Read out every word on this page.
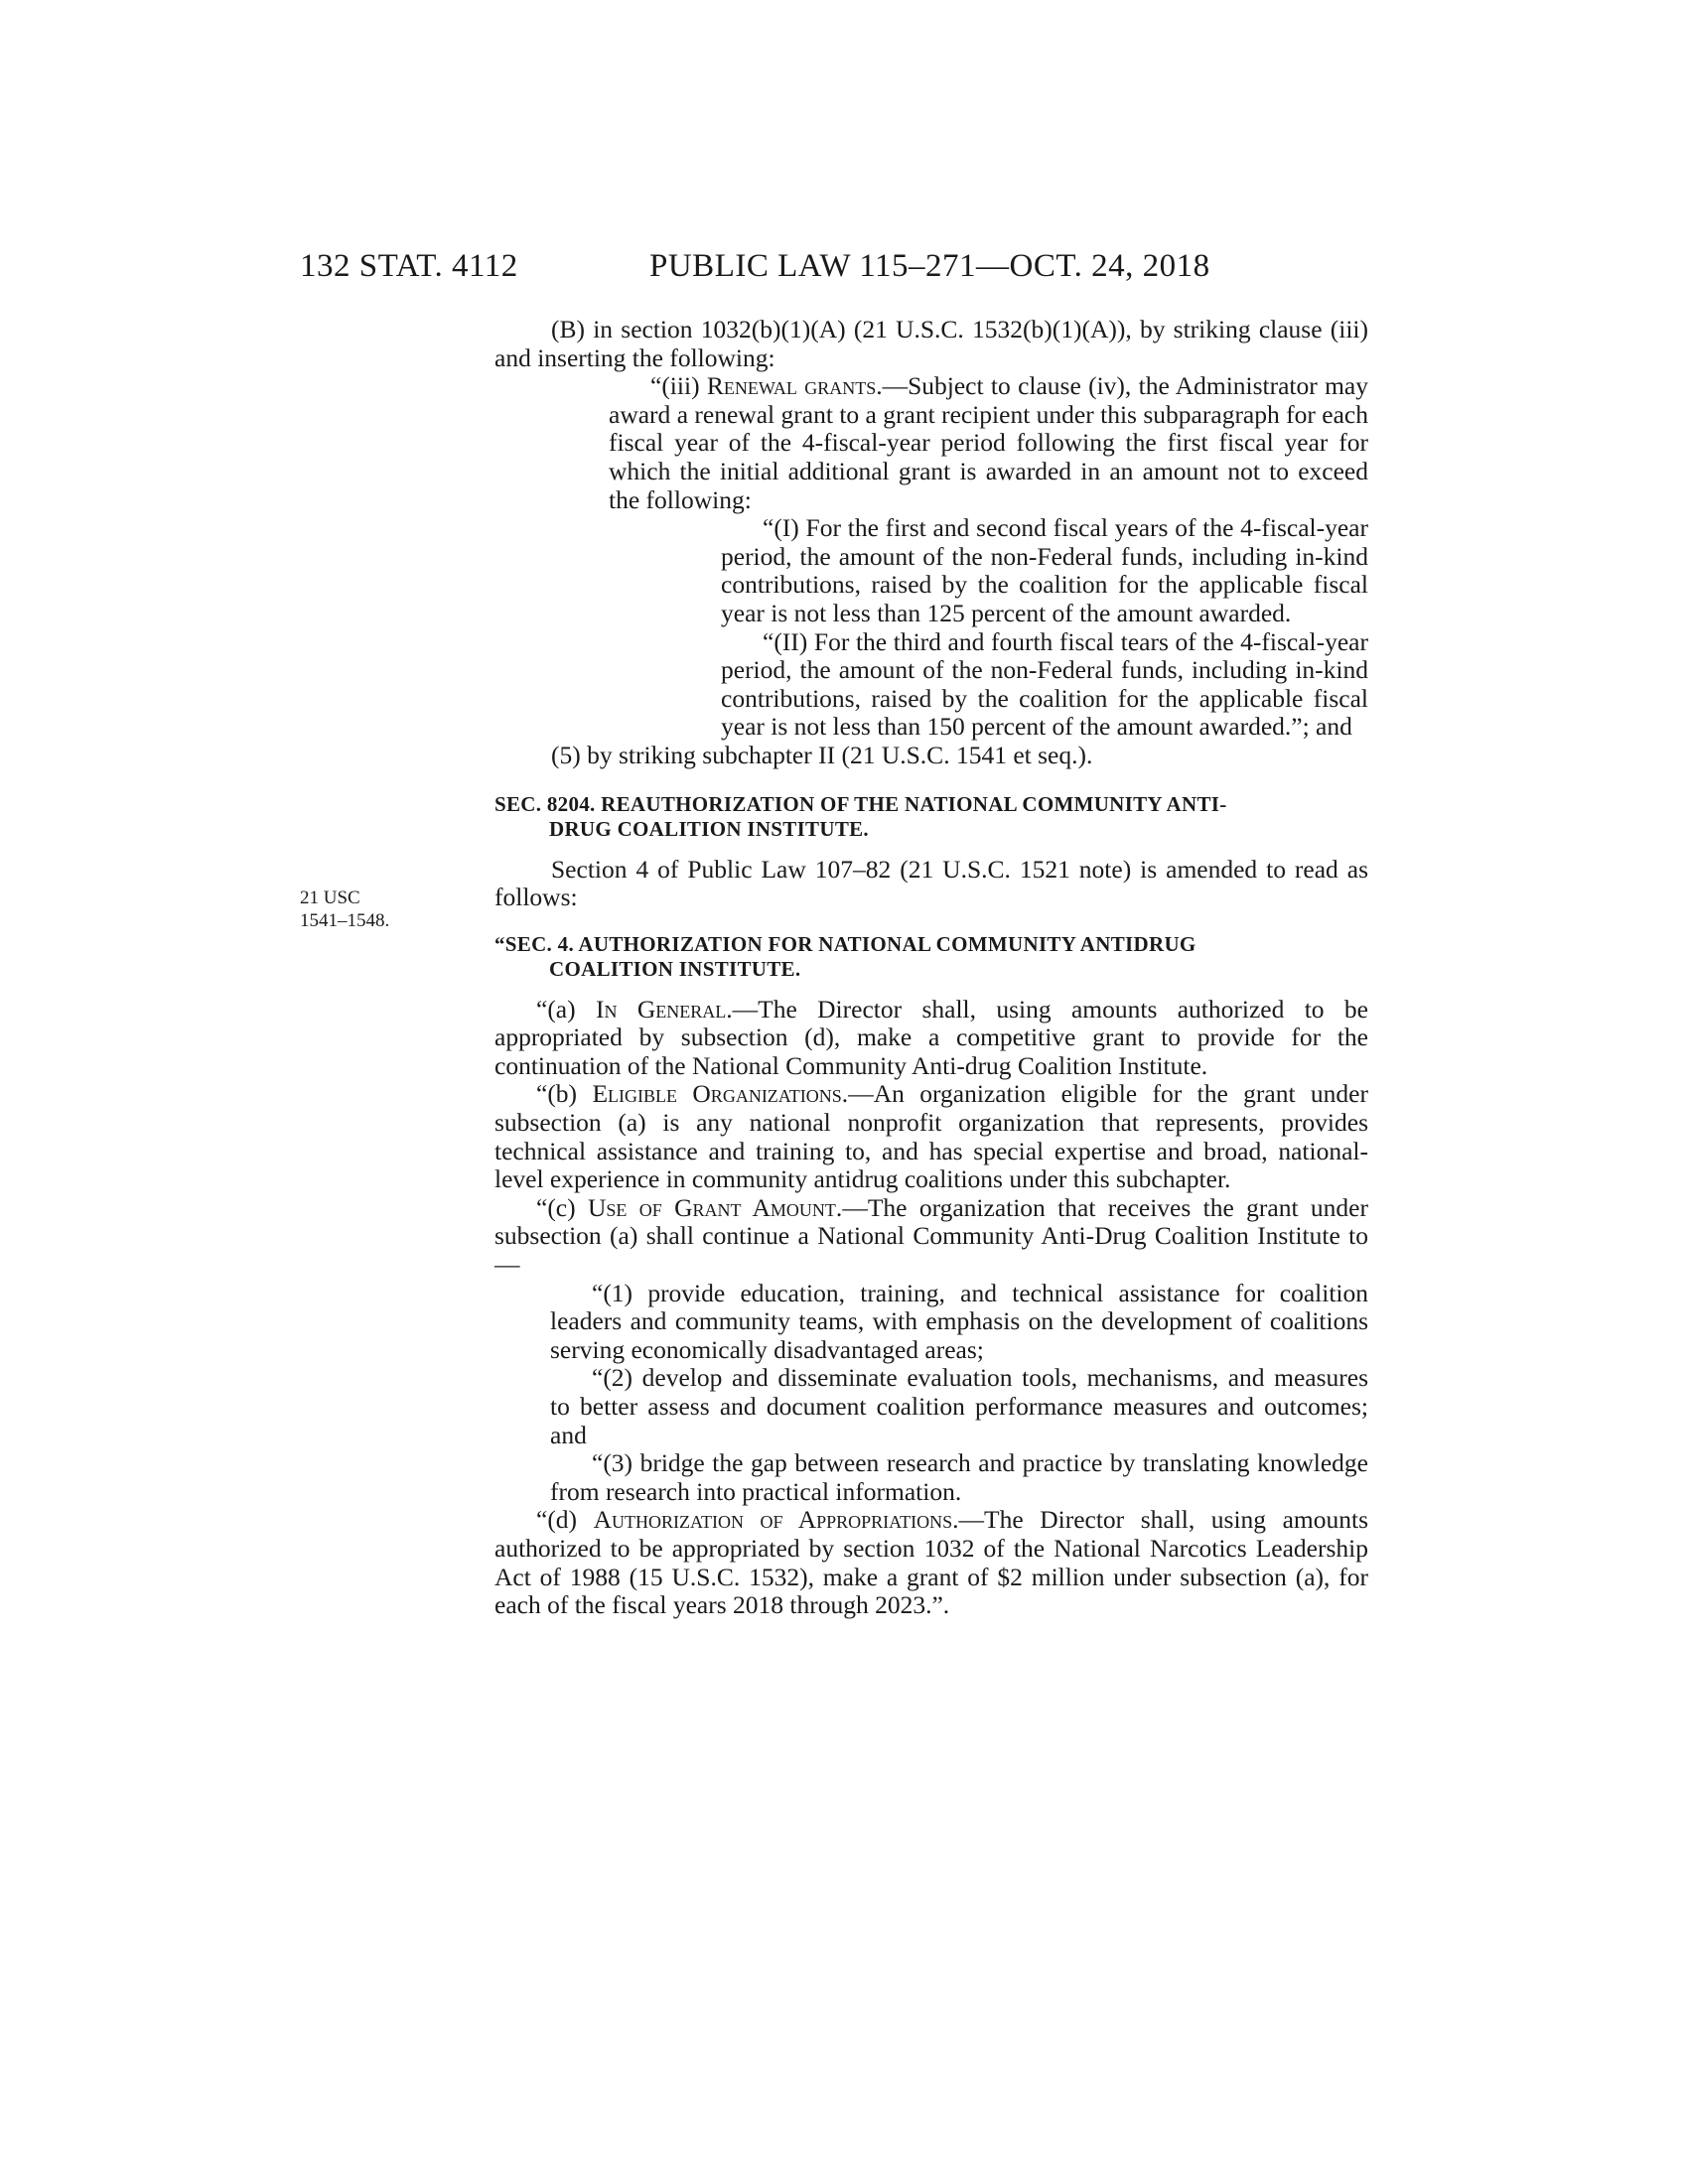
132 STAT. 4112	PUBLIC LAW 115–271—OCT. 24, 2018
21 USC
1541–1548.

(B) in section 1032(b)(1)(A) (21 U.S.C. 1532(b)(1)(A)), by striking clause (iii) and inserting the following:

“(iii) Renewal grants.—Subject to clause (iv), the Administrator may award a renewal grant to a grant recipient under this subparagraph for each fiscal year of the 4-fiscal-year period following the first fiscal year for which the initial additional grant is awarded in an amount not to exceed the following:

“(I) For the first and second fiscal years of the 4-fiscal-year period, the amount of the non-Federal funds, including in-kind contributions, raised by the coalition for the applicable fiscal year is not less than 125 percent of the amount awarded.

“(II) For the third and fourth fiscal tears of the 4-fiscal-year period, the amount of the non-Federal funds, including in-kind contributions, raised by the coalition for the applicable fiscal year is not less than 150 percent of the amount awarded.”; and

(5) by striking subchapter II (21 U.S.C. 1541 et seq.).

SEC. 8204. REAUTHORIZATION OF THE NATIONAL COMMUNITY ANTI-
DRUG COALITION INSTITUTE.

Section 4 of Public Law 107–82 (21 U.S.C. 1521 note) is amended to read as follows:

“SEC. 4. AUTHORIZATION FOR NATIONAL COMMUNITY ANTIDRUG
COALITION INSTITUTE.

“(a) In General.—The Director shall, using amounts authorized to be appropriated by subsection (d), make a competitive grant to provide for the continuation of the National Community Anti-drug Coalition Institute.

“(b) Eligible Organizations.—An organization eligible for the grant under subsection (a) is any national nonprofit organization that represents, provides technical assistance and training to, and has special expertise and broad, national-level experience in community antidrug coalitions under this subchapter.

“(c) Use of Grant Amount.—The organization that receives the grant under subsection (a) shall continue a National Community Anti-Drug Coalition Institute to—

“(1) provide education, training, and technical assistance for coalition leaders and community teams, with emphasis on the development of coalitions serving economically disadvantaged areas;

“(2) develop and disseminate evaluation tools, mechanisms, and measures to better assess and document coalition performance measures and outcomes; and

“(3) bridge the gap between research and practice by translating knowledge from research into practical information.

“(d) Authorization of Appropriations.—The Director shall, using amounts authorized to be appropriated by section 1032 of the National Narcotics Leadership Act of 1988 (15 U.S.C. 1532), make a grant of $2 million under subsection (a), for each of the fiscal years 2018 through 2023.”.
